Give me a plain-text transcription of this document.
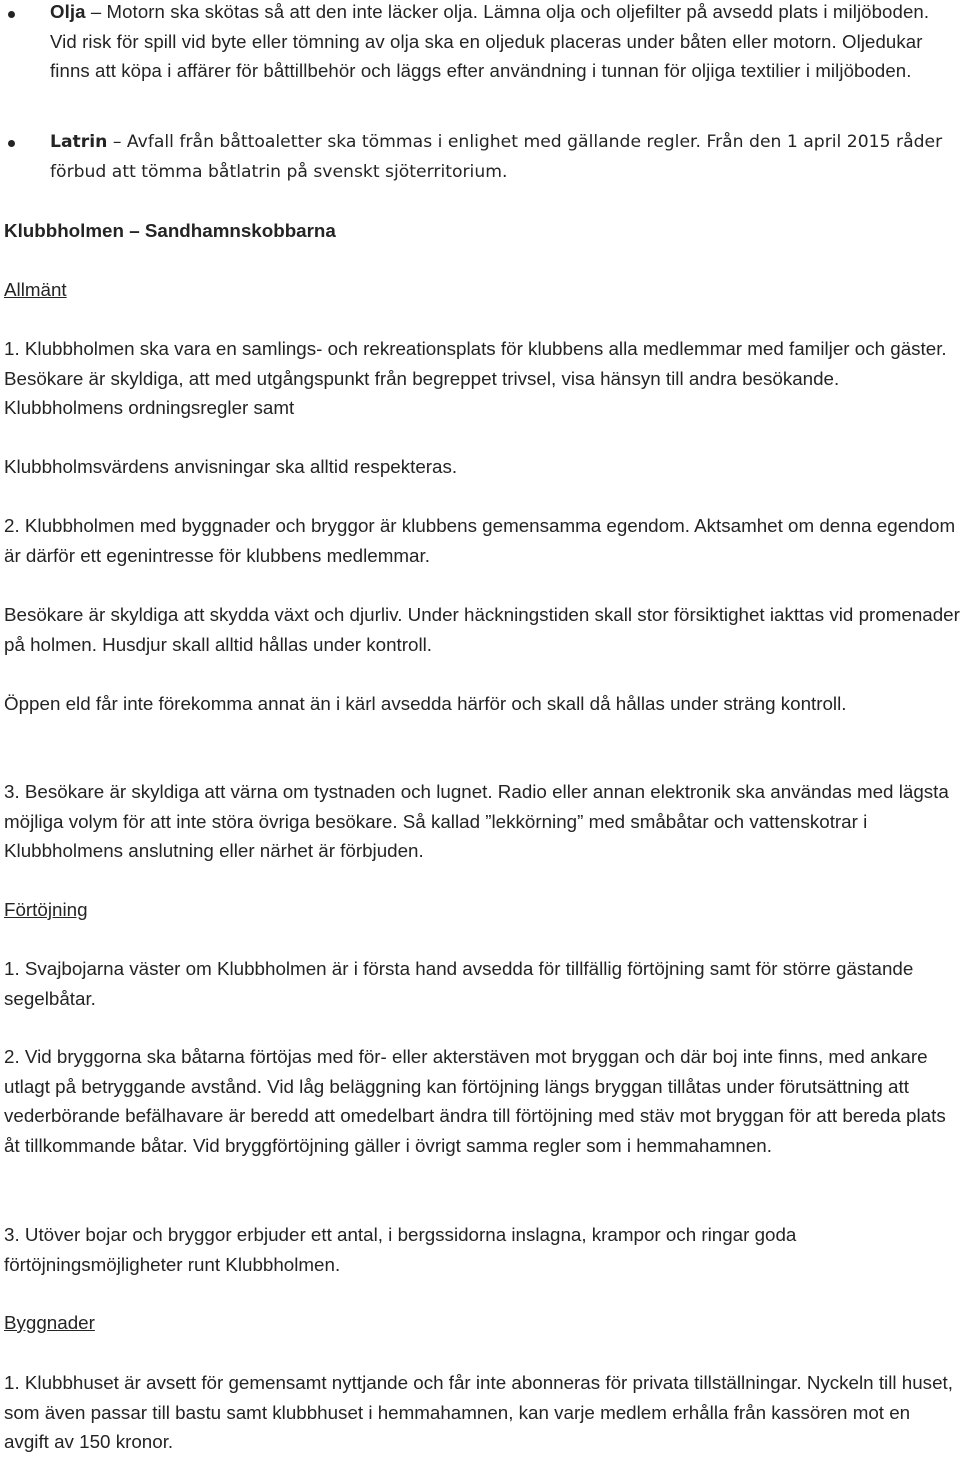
Olja – Motorn ska skötas så att den inte läcker olja. Lämna olja och oljefilter på avsedd plats i miljöboden. Vid risk för spill vid byte eller tömning av olja ska en oljeduk placeras under båten eller motorn. Oljedukar finns att köpa i affärer för båttillbehör och läggs efter användning i tunnan för oljiga textilier i miljöboden.
Latrin – Avfall från båttoaletter ska tömmas i enlighet med gällande regler. Från den 1 april 2015 råder förbud att tömma båtlatrin på svenskt sjöterritorium.
Klubbholmen – Sandhamnskobbarna
Allmänt
1. Klubbholmen ska vara en samlings- och rekreationsplats för klubbens alla medlemmar med familjer och gäster. Besökare är skyldiga, att med utgångspunkt från begreppet trivsel, visa hänsyn till andra besökande. Klubbholmens ordningsregler samt
Klubbholmsvärdens anvisningar ska alltid respekteras.
2. Klubbholmen med byggnader och bryggor är klubbens gemensamma egendom. Aktsamhet om denna egendom är därför ett egenintresse för klubbens medlemmar.
Besökare är skyldiga att skydda växt och djurliv. Under häckningstiden skall stor försiktighet iakttas vid promenader på holmen. Husdjur skall alltid hållas under kontroll.
Öppen eld får inte förekomma annat än i kärl avsedda härför och skall då hållas under sträng kontroll.
3. Besökare är skyldiga att värna om tystnaden och lugnet. Radio eller annan elektronik ska användas med lägsta möjliga volym för att inte störa övriga besökare. Så kallad ”lekkörning” med småbåtar och vattenskotrar i Klubbholmens anslutning eller närhet är förbjuden.
Förtöjning
1. Svajbojarna väster om Klubbholmen är i första hand avsedda för tillfällig förtöjning samt för större gästande segelbåtar.
2. Vid bryggorna ska båtarna förtöjas med för- eller akterstäven mot bryggan och där boj inte finns, med ankare utlagt på betryggande avstånd. Vid låg beläggning kan förtöjning längs bryggan tillåtas under förutsättning att vederbörande befälhavare är beredd att omedelbart ändra till förtöjning med stäv mot bryggan för att bereda plats åt tillkommande båtar. Vid bryggförtöjning gäller i övrigt samma regler som i hemmahamnen.
3. Utöver bojar och bryggor erbjuder ett antal, i bergssidorna inslagna, krampor och ringar goda förtöjningsmöjligheter runt Klubbholmen.
Byggnader
1. Klubbhuset är avsett för gemensamt nyttjande och får inte abonneras för privata tillställningar. Nyckeln till huset, som även passar till bastu samt klubbhuset i hemmahamnen, kan varje medlem erhålla från kassören mot en avgift av 150 kronor.
